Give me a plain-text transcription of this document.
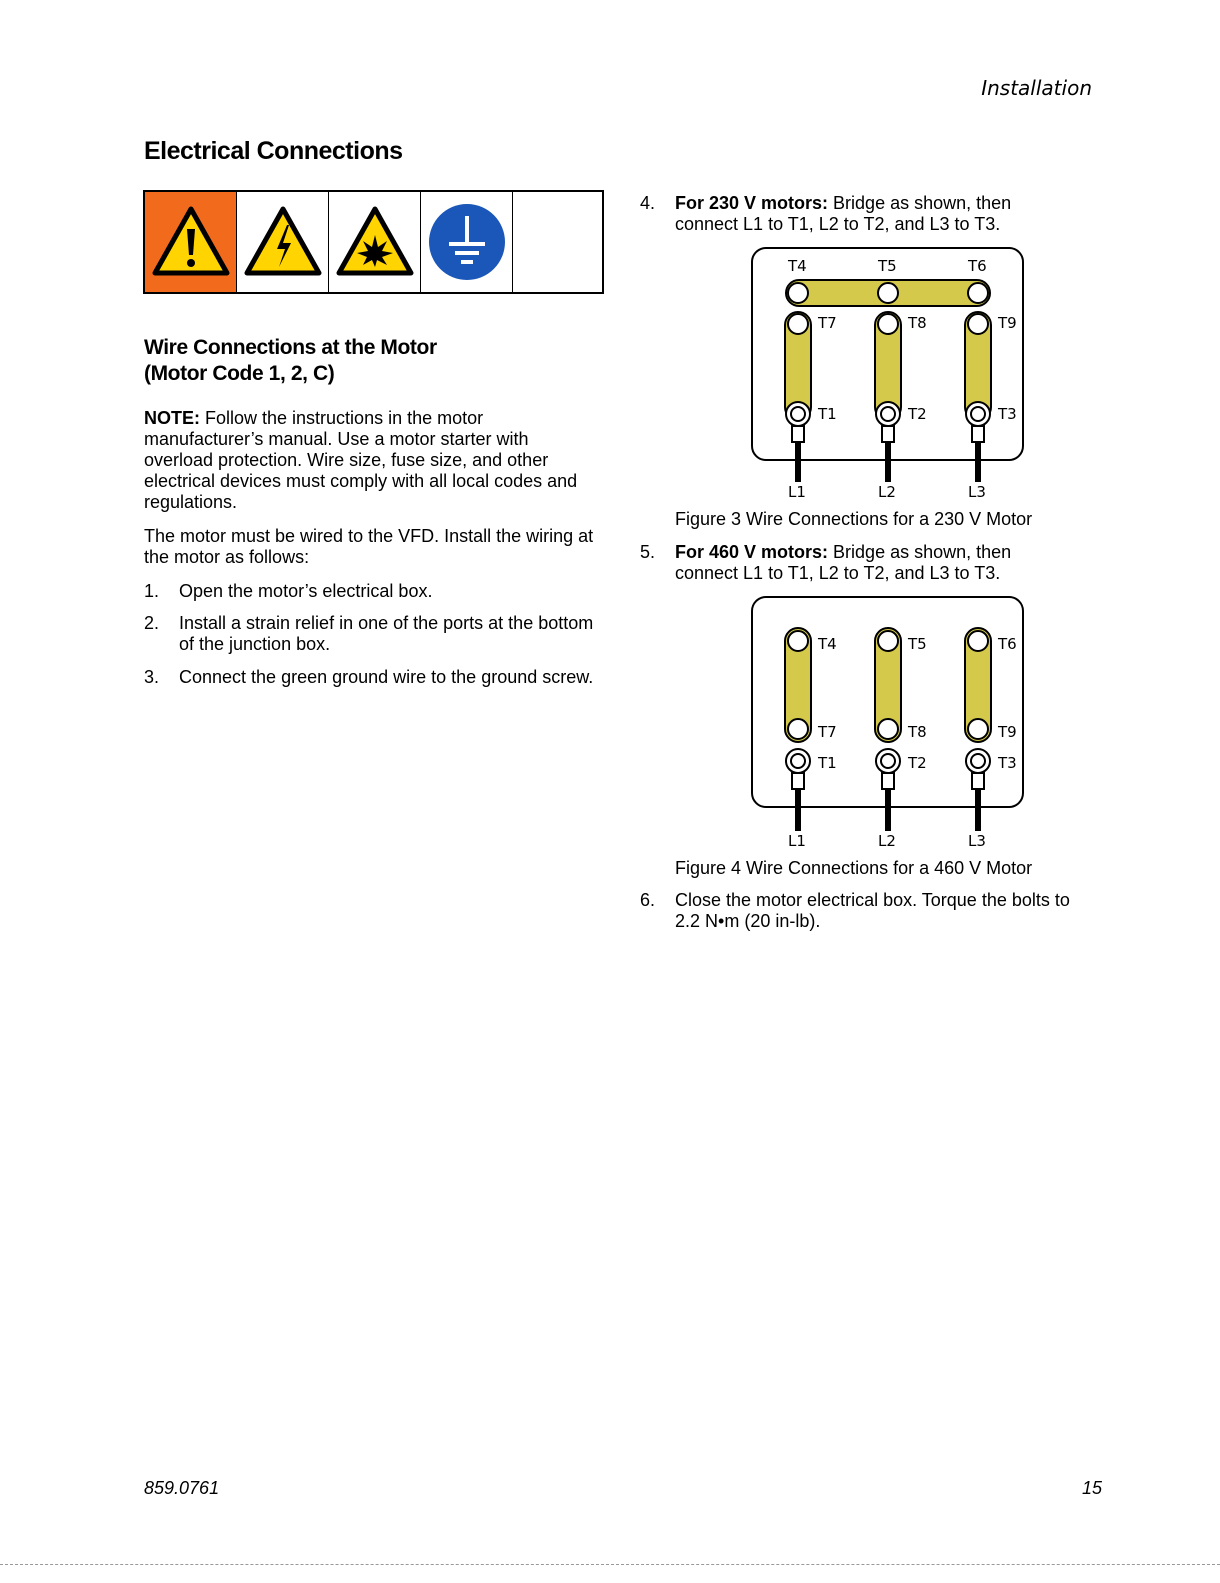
Installation
Electrical Connections
Wire Connections at the Motor
(Motor Code 1, 2, C)
NOTE: Follow the instructions in the motor manufacturer’s manual. Use a motor starter with overload protection. Wire size, fuse size, and other electrical devices must comply with all local codes and regulations.
The motor must be wired to the VFD. Install the wiring at the motor as follows:
1.	Open the motor’s electrical box.
2.	Install a strain relief in one of the ports at the bottom of the junction box.
3.	Connect the green ground wire to the ground screw.
4.	For 230 V motors: Bridge as shown, then connect L1 to T1, L2 to T2, and L3 to T3.
T4	T5	T6
T7	T8	T9
T1	T2	T3
L1	L2	L3
Figure 3 Wire Connections for a 230 V Motor
5.	For 460 V motors: Bridge as shown, then connect L1 to T1, L2 to T2, and L3 to T3.
T4	T5	T6
T7	T8	T9
T1	T2	T3
L1	L2	L3
Figure 4 Wire Connections for a 460 V Motor
6.	Close the motor electrical box. Torque the bolts to 2.2 N•m (20 in-lb).
859.0761	15
